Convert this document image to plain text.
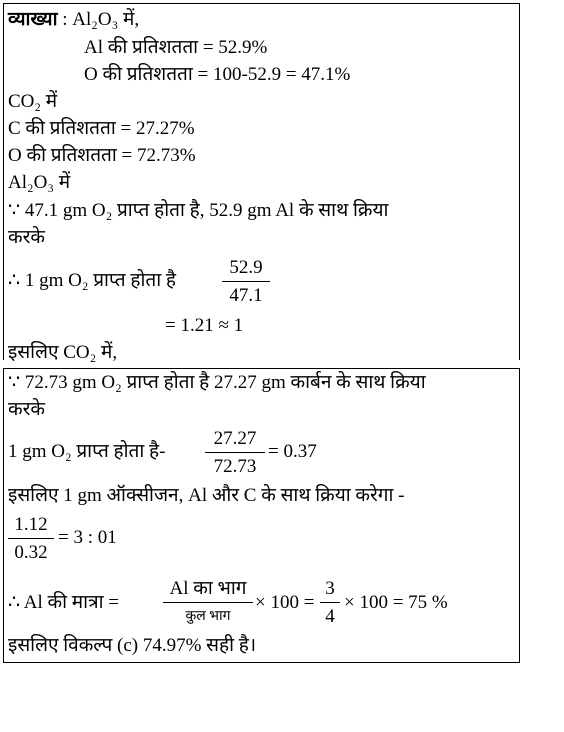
व्याख्या : Al₂O₃ में,
Al की प्रतिशतता = 52.9%
O की प्रतिशतता = 100-52.9 = 47.1%
CO₂ में
C की प्रतिशतता = 27.27%
O की प्रतिशतता = 72.73%
Al₂O₃ में
∵ 47.1 gm O₂ प्राप्त होता है, 52.9 gm Al के साथ क्रिया
करके
∴ 1 gm O₂ प्राप्त होता है
52.9
47.1
= 1.21 ≈ 1
इसलिए CO₂ में,
∵ 72.73 gm O₂ प्राप्त होता है 27.27 gm कार्बन के साथ क्रिया
करके
1 gm O₂ प्राप्त होता है-
27.27
72.73
= 0.37
इसलिए 1 gm ऑक्सीजन, Al और C के साथ क्रिया करेगा -
1.12
0.32
= 3 : 01
∴ Al की मात्रा =
Al का भाग
कुल भाग
× 100 =
3
4
× 100 = 75 %
इसलिए विकल्प (c) 74.97% सही है।
